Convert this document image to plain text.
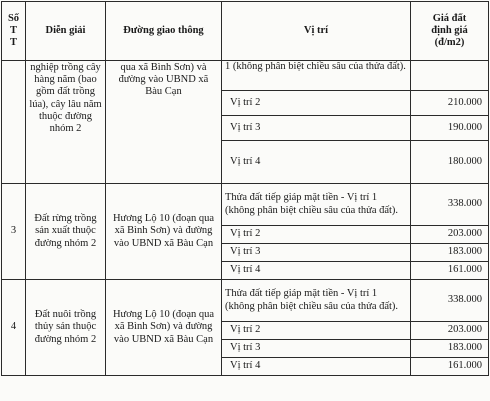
Số
T
T	Diễn giải	Đường giao thông	Vị trí	Giá đất
định giá
(đ/m2)
	nghiệp trồng cây hàng năm (bao gồm đất trồng lúa), cây lâu năm thuộc đường nhóm 2	qua xã Bình Sơn) và đường vào UBND xã Bàu Cạn	1 (không phân biệt chiều sâu của thửa đất).	
			Vị trí 2	210.000
			Vị trí 3	190.000
			Vị trí 4	180.000
3	Đất rừng trồng sản xuất thuộc đường nhóm 2	Hương Lộ 10 (đoạn qua xã Bình Sơn) và đường vào UBND xã Bàu Cạn	Thửa đất tiếp giáp mặt tiền - Vị trí 1 (không phân biệt chiều sâu của thửa đất).	338.000
			Vị trí 2	203.000
			Vị trí 3	183.000
			Vị trí 4	161.000
4	Đất nuôi trồng thủy sản thuộc đường nhóm 2	Hương Lộ 10 (đoạn qua xã Bình Sơn) và đường vào UBND xã Bàu Cạn	Thửa đất tiếp giáp mặt tiền - Vị trí 1 (không phân biệt chiều sâu của thửa đất).	338.000
			Vị trí 2	203.000
			Vị trí 3	183.000
			Vị trí 4	161.000
